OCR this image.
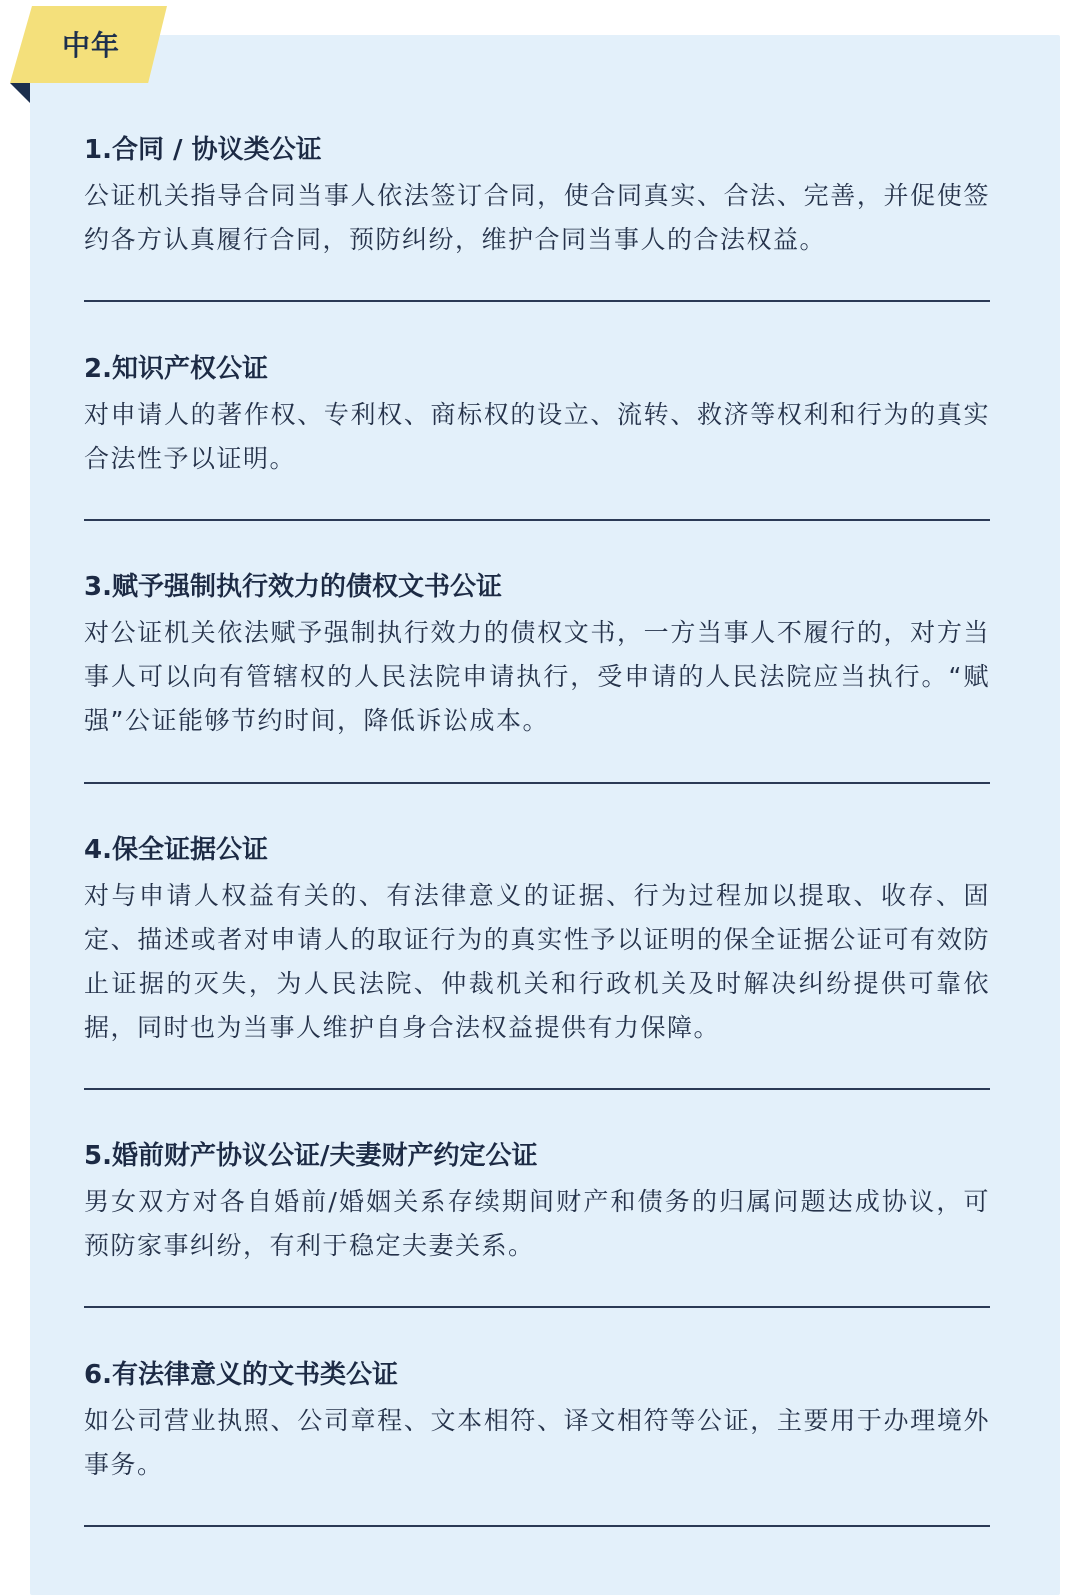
中年
1.合同 / 协议类公证

公证机关指导合同当事人依法签订合同，使合同真实、合法、完善，并促使签约各方认真履行合同，预防纠纷，维护合同当事人的合法权益。

2.知识产权公证

对申请人的著作权、专利权、商标权的设立、流转、救济等权利和行为的真实合法性予以证明。

3.赋予强制执行效力的债权文书公证

对公证机关依法赋予强制执行效力的债权文书，一方当事人不履行的，对方当事人可以向有管辖权的人民法院申请执行，受申请的人民法院应当执行。“赋强”公证能够节约时间，降低诉讼成本。

4.保全证据公证

对与申请人权益有关的、有法律意义的证据、行为过程加以提取、收存、固定、描述或者对申请人的取证行为的真实性予以证明的保全证据公证可有效防止证据的灭失，为人民法院、仲裁机关和行政机关及时解决纠纷提供可靠依据，同时也为当事人维护自身合法权益提供有力保障。

5.婚前财产协议公证/夫妻财产约定公证

男女双方对各自婚前/婚姻关系存续期间财产和债务的归属问题达成协议，可预防家事纠纷，有利于稳定夫妻关系。

6.有法律意义的文书类公证

如公司营业执照、公司章程、文本相符、译文相符等公证，主要用于办理境外事务。
